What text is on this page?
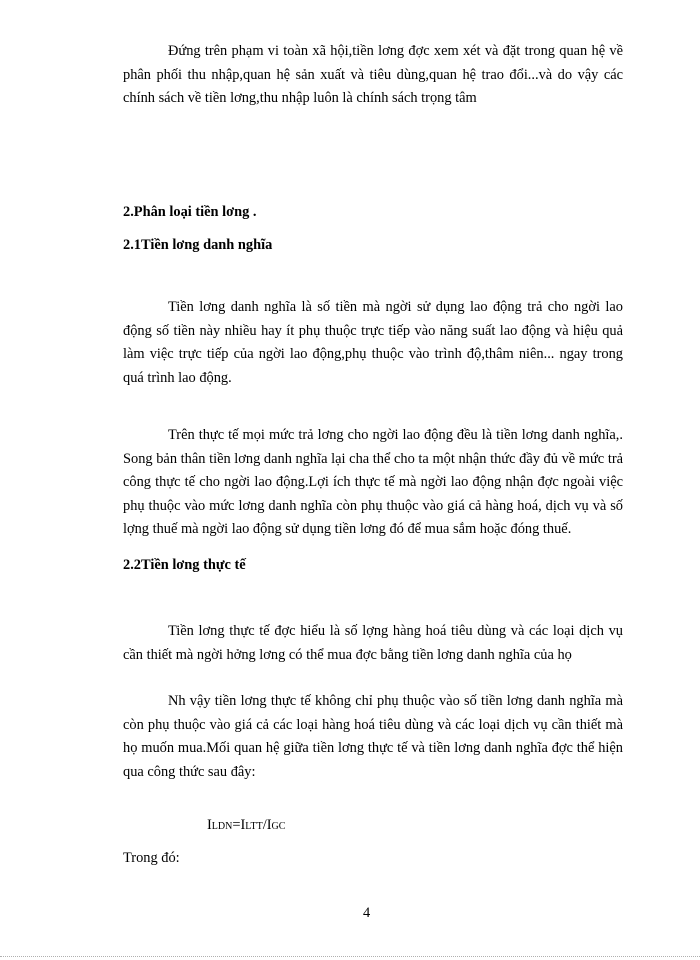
Đứng trên phạm vi toàn xã hội,tiền lơng đợc xem xét và đặt trong quan hệ về phân phối thu nhập,quan hệ sản xuất và tiêu dùng,quan hệ trao đổi...và do vậy các chính sách về tiền lơng,thu nhập luôn là chính sách trọng tâm

2.Phân loại tiền lơng .

2.1Tiền lơng danh nghĩa

Tiền lơng danh nghĩa là số tiền mà ngời sử dụng lao động trả cho ngời lao động số tiền này nhiều hay ít phụ thuộc trực tiếp vào năng suất lao động và hiệu quả làm việc trực tiếp của ngời lao động,phụ thuộc vào trình độ,thâm niên... ngay trong quá trình lao động.

Trên thực tế mọi mức trả lơng cho ngời lao động đều là tiền lơng danh nghĩa,. Song bản thân tiền lơng danh nghĩa lại cha thể cho ta một nhận thức đầy đủ về mức trả công thực tế cho ngời lao động.Lợi ích thực tế mà ngời lao động nhận đợc ngoài việc phụ thuộc vào mức lơng danh nghĩa còn phụ thuộc vào giá cả hàng hoá, dịch vụ và số lợng thuế mà ngời lao động sử dụng tiền lơng đó để mua sắm hoặc đóng thuế.

2.2Tiền lơng thực tế

Tiền lơng thực tế đợc hiểu là số lợng hàng hoá tiêu dùng và các loại dịch vụ cần thiết mà ngời hởng lơng có thể mua đợc bằng tiền lơng danh nghĩa của họ

Nh vậy tiền lơng thực tế không chỉ phụ thuộc vào số tiền lơng danh nghĩa mà còn phụ thuộc vào giá cả các loại hàng hoá tiêu dùng và các loại dịch vụ cần thiết mà họ muốn mua.Mối quan hệ giữa tiền lơng thực tế và tiền lơng danh nghĩa đợc thể hiện qua công thức sau đây:

ILDN=ILTT/IGC

Trong đó:

4
